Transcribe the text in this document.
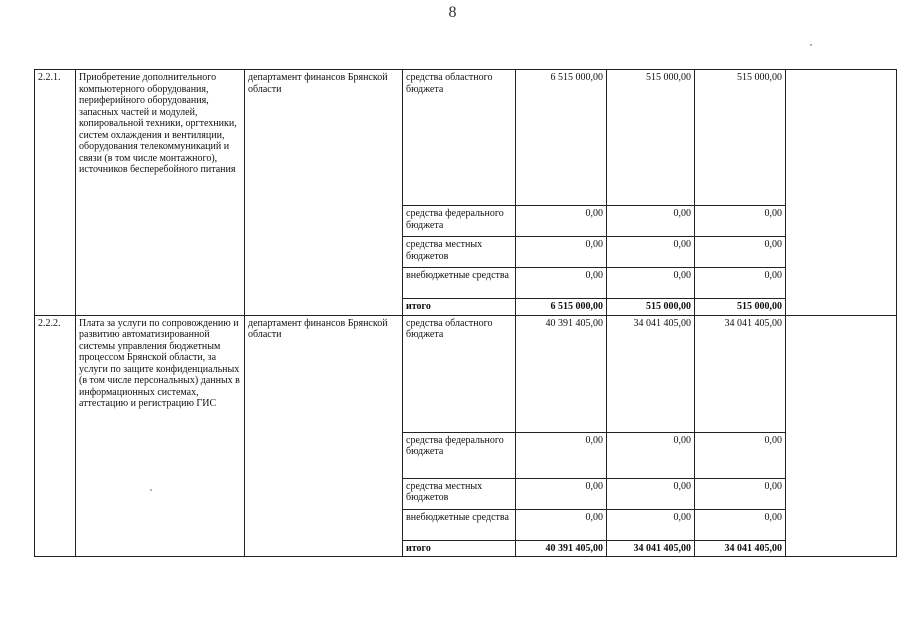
8
2.2.1.	Приобретение дополнительного компьютерного оборудования, периферийного оборудования, запасных частей и модулей, копировальной техники, оргтехники, систем охлаждения и вентиляции, оборудования телекоммуникаций и связи (в том числе монтажного), источников бесперебойного питания	департамент финансов Брянской области	средства областного бюджета	6 515 000,00	515 000,00	515 000,00	
			средства федерального бюджета	0,00	0,00	0,00	
			средства местных бюджетов	0,00	0,00	0,00	
			внебюджетные средства	0,00	0,00	0,00	
			итого	6 515 000,00	515 000,00	515 000,00	
2.2.2.	Плата за услуги по сопровождению и развитию автоматизированной системы управления бюджетным процессом Брянской области, за услуги по защите конфиденциальных (в том числе персональных) данных в информационных системах, аттестацию и регистрацию ГИС	департамент финансов Брянской области	средства областного бюджета	40 391 405,00	34 041 405,00	34 041 405,00	
			средства федерального бюджета	0,00	0,00	0,00	
			средства местных бюджетов	0,00	0,00	0,00	
			внебюджетные средства	0,00	0,00	0,00	
			итого	40 391 405,00	34 041 405,00	34 041 405,00	
